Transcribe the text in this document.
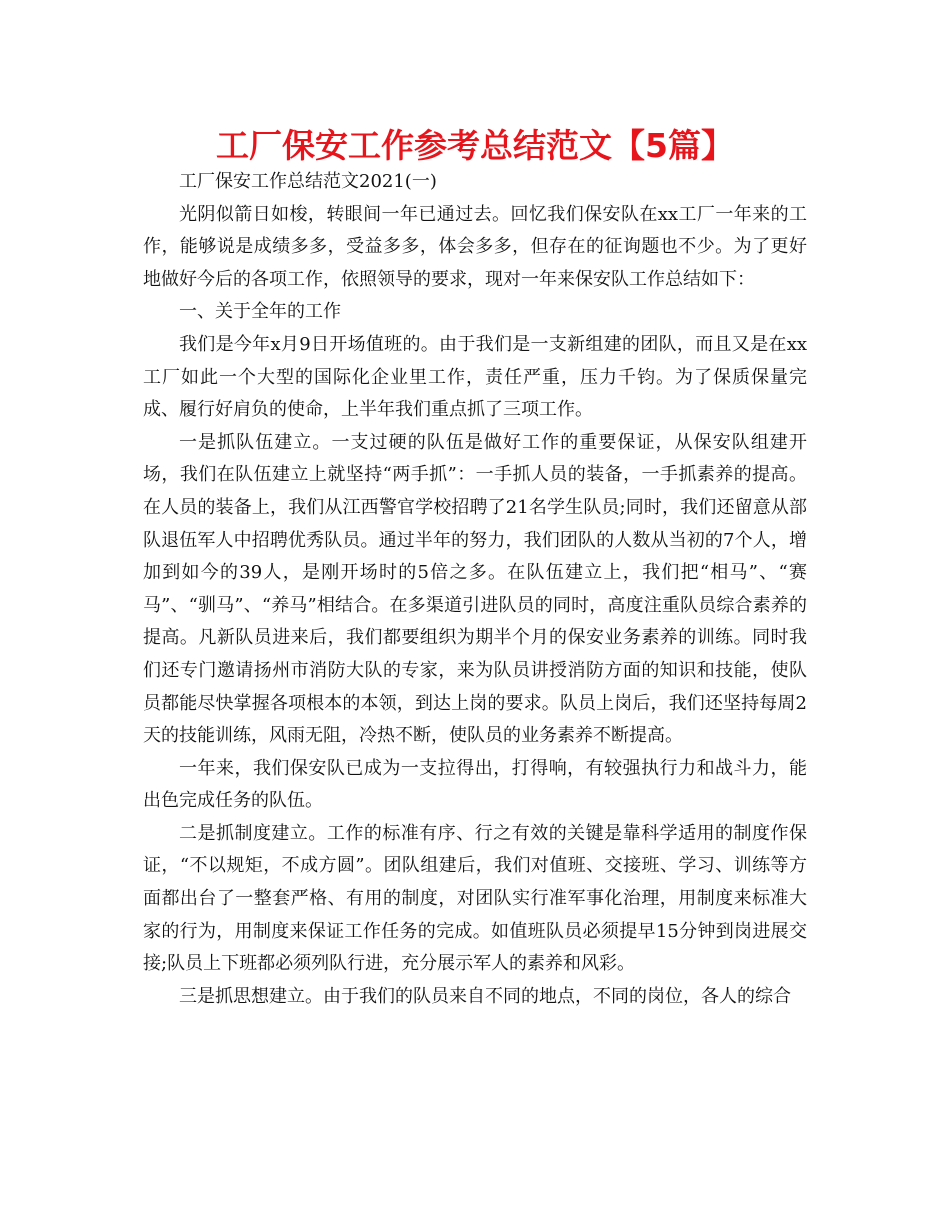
工厂保安工作参考总结范文【5篇】

工厂保安工作总结范文2021(一)

光阴似箭日如梭，转眼间一年已通过去。回忆我们保安队在xx工厂一年来的工作，能够说是成绩多多，受益多多，体会多多，但存在的征询题也不少。为了更好地做好今后的各项工作，依照领导的要求，现对一年来保安队工作总结如下：

一、关于全年的工作

我们是今年x月9日开场值班的。由于我们是一支新组建的团队，而且又是在xx工厂如此一个大型的国际化企业里工作，责任严重，压力千钧。为了保质保量完成、履行好肩负的使命，上半年我们重点抓了三项工作。

一是抓队伍建立。一支过硬的队伍是做好工作的重要保证，从保安队组建开场，我们在队伍建立上就坚持“两手抓”：一手抓人员的装备，一手抓素养的提高。在人员的装备上，我们从江西警官学校招聘了21名学生队员;同时，我们还留意从部队退伍军人中招聘优秀队员。通过半年的努力，我们团队的人数从当初的7个人，增加到如今的39人，是刚开场时的5倍之多。在队伍建立上，我们把“相马”、“赛马”、“驯马”、“养马”相结合。在多渠道引进队员的同时，高度注重队员综合素养的提高。凡新队员进来后，我们都要组织为期半个月的保安业务素养的训练。同时我们还专门邀请扬州市消防大队的专家，来为队员讲授消防方面的知识和技能，使队员都能尽快掌握各项根本的本领，到达上岗的要求。队员上岗后，我们还坚持每周2天的技能训练，风雨无阻，冷热不断，使队员的业务素养不断提高。

一年来，我们保安队已成为一支拉得出，打得响，有较强执行力和战斗力，能出色完成任务的队伍。

二是抓制度建立。工作的标准有序、行之有效的关键是靠科学适用的制度作保证，“不以规矩，不成方圆”。团队组建后，我们对值班、交接班、学习、训练等方面都出台了一整套严格、有用的制度，对团队实行准军事化治理，用制度来标准大家的行为，用制度来保证工作任务的完成。如值班队员必须提早15分钟到岗进展交接;队员上下班都必须列队行进，充分展示军人的素养和风彩。

三是抓思想建立。由于我们的队员来自不同的地点，不同的岗位，各人的综合
